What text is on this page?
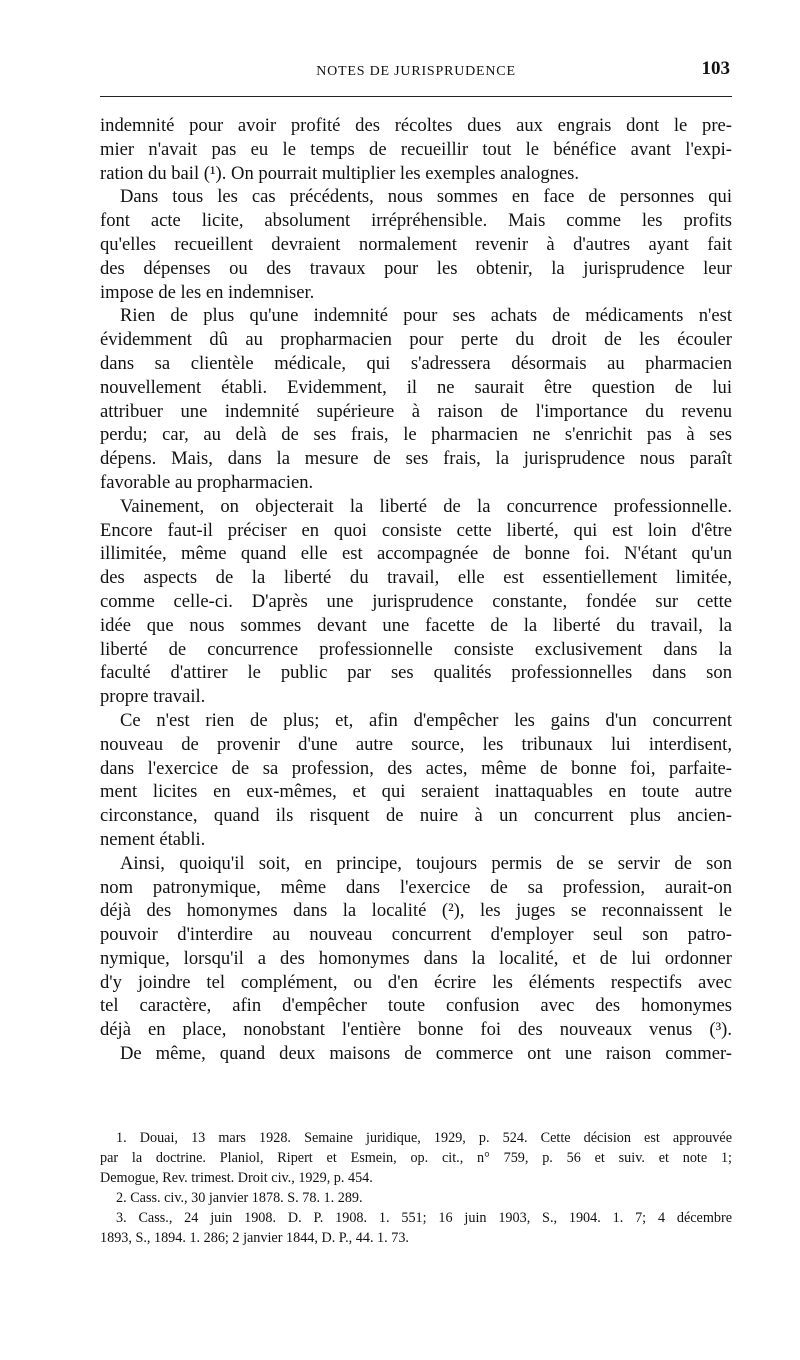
NOTES DE JURISPRUDENCE	103
indemnité pour avoir profité des récoltes dues aux engrais dont le pre-
mier n'avait pas eu le temps de recueillir tout le bénéfice avant l'expi-
ration du bail (¹). On pourrait multiplier les exemples analognes.
Dans tous les cas précédents, nous sommes en face de personnes qui
font acte licite, absolument irrépréhensible. Mais comme les profits
qu'elles recueillent devraient normalement revenir à d'autres ayant fait
des dépenses ou des travaux pour les obtenir, la jurisprudence leur
impose de les en indemniser.
Rien de plus qu'une indemnité pour ses achats de médicaments n'est
évidemment dû au propharmacien pour perte du droit de les écouler
dans sa clientèle médicale, qui s'adressera désormais au pharmacien
nouvellement établi. Evidemment, il ne saurait être question de lui
attribuer une indemnité supérieure à raison de l'importance du revenu
perdu; car, au delà de ses frais, le pharmacien ne s'enrichit pas à ses
dépens. Mais, dans la mesure de ses frais, la jurisprudence nous paraît
favorable au propharmacien.
Vainement, on objecterait la liberté de la concurrence professionnelle.
Encore faut-il préciser en quoi consiste cette liberté, qui est loin d'être
illimitée, même quand elle est accompagnée de bonne foi. N'étant qu'un
des aspects de la liberté du travail, elle est essentiellement limitée,
comme celle-ci. D'après une jurisprudence constante, fondée sur cette
idée que nous sommes devant une facette de la liberté du travail, la
liberté de concurrence professionnelle consiste exclusivement dans la
faculté d'attirer le public par ses qualités professionnelles dans son
propre travail.
Ce n'est rien de plus; et, afin d'empêcher les gains d'un concurrent
nouveau de provenir d'une autre source, les tribunaux lui interdisent,
dans l'exercice de sa profession, des actes, même de bonne foi, parfaite-
ment licites en eux-mêmes, et qui seraient inattaquables en toute autre
circonstance, quand ils risquent de nuire à un concurrent plus ancien-
nement établi.
Ainsi, quoiqu'il soit, en principe, toujours permis de se servir de son
nom patronymique, même dans l'exercice de sa profession, aurait-on
déjà des homonymes dans la localité (²), les juges se reconnaissent le
pouvoir d'interdire au nouveau concurrent d'employer seul son patro-
nymique, lorsqu'il a des homonymes dans la localité, et de lui ordonner
d'y joindre tel complément, ou d'en écrire les éléments respectifs avec
tel caractère, afin d'empêcher toute confusion avec des homonymes
déjà en place, nonobstant l'entière bonne foi des nouveaux venus (³).
De même, quand deux maisons de commerce ont une raison commer-
1. Douai, 13 mars 1928. Semaine juridique, 1929, p. 524. Cette décision est approuvée
par la doctrine. Planiol, Ripert et Esmein, op. cit., n° 759, p. 56 et suiv. et note 1;
Demogue, Rev. trimest. Droit civ., 1929, p. 454.
2. Cass. civ., 30 janvier 1878. S. 78. 1. 289.
3. Cass., 24 juin 1908. D. P. 1908. 1. 551; 16 juin 1903, S., 1904. 1. 7; 4 décembre
1893, S., 1894. 1. 286; 2 janvier 1844, D. P., 44. 1. 73.
